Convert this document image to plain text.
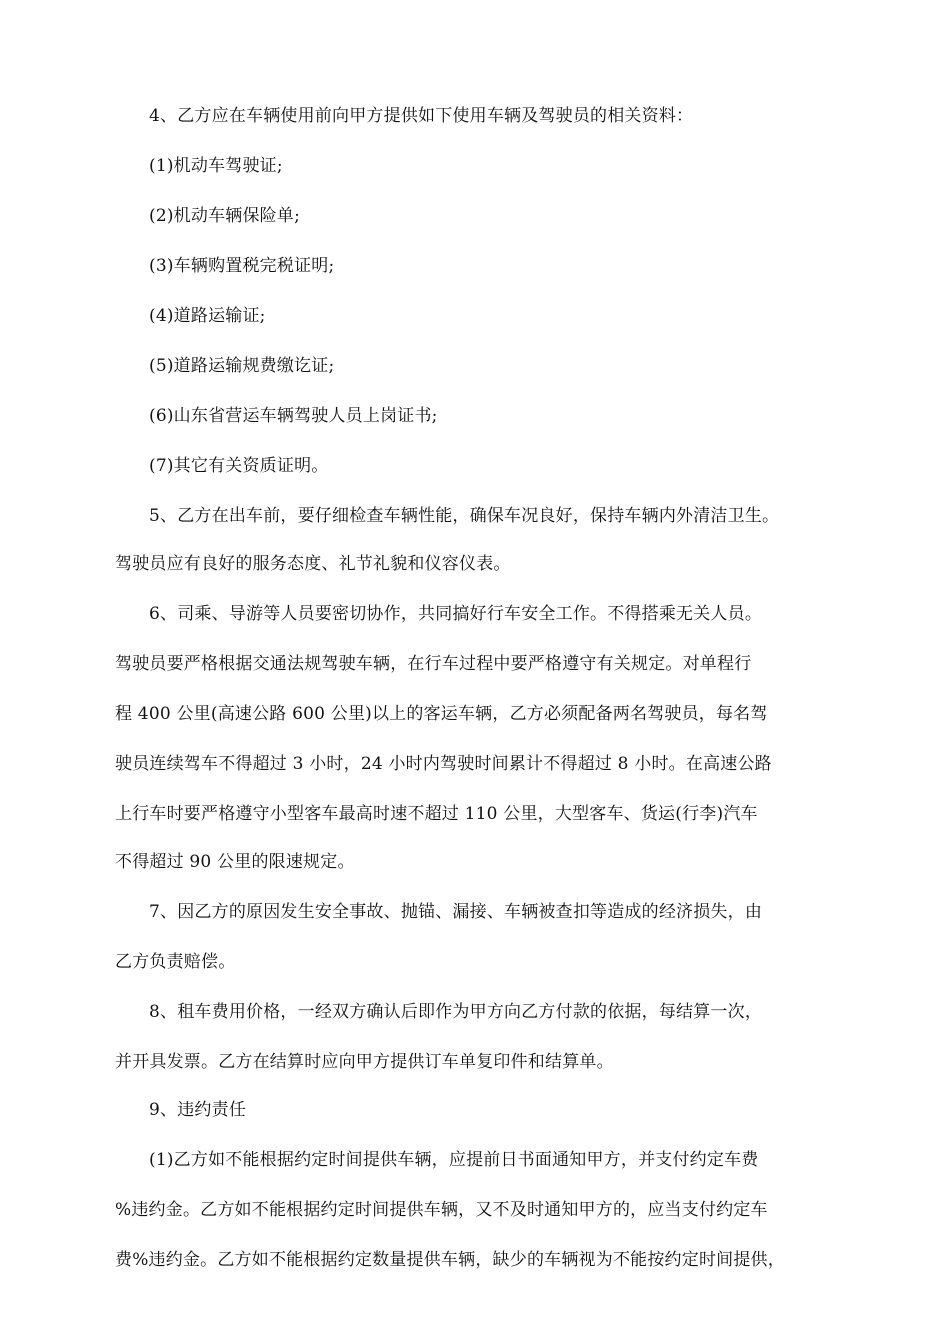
4、乙方应在车辆使用前向甲方提供如下使用车辆及驾驶员的相关资料：
(1)机动车驾驶证;
(2)机动车辆保险单;
(3)车辆购置税完税证明;
(4)道路运输证;
(5)道路运输规费缴讫证;
(6)山东省营运车辆驾驶人员上岗证书;
(7)其它有关资质证明。
5、乙方在出车前，要仔细检查车辆性能，确保车况良好，保持车辆内外清洁卫生。
驾驶员应有良好的服务态度、礼节礼貌和仪容仪表。
6、司乘、导游等人员要密切协作，共同搞好行车安全工作。不得搭乘无关人员。
驾驶员要严格根据交通法规驾驶车辆，在行车过程中要严格遵守有关规定。对单程行
程 400 公里(高速公路 600 公里)以上的客运车辆，乙方必须配备两名驾驶员，每名驾
驶员连续驾车不得超过 3 小时，24 小时内驾驶时间累计不得超过 8 小时。在高速公路
上行车时要严格遵守小型客车最高时速不超过 110 公里，大型客车、货运(行李)汽车
不得超过 90 公里的限速规定。
7、因乙方的原因发生安全事故、抛锚、漏接、车辆被查扣等造成的经济损失，由
乙方负责赔偿。
8、租车费用价格，一经双方确认后即作为甲方向乙方付款的依据，每结算一次，
并开具发票。乙方在结算时应向甲方提供订车单复印件和结算单。
9、违约责任
(1)乙方如不能根据约定时间提供车辆，应提前日书面通知甲方，并支付约定车费
%违约金。乙方如不能根据约定时间提供车辆，又不及时通知甲方的，应当支付约定车
费%违约金。乙方如不能根据约定数量提供车辆，缺少的车辆视为不能按约定时间提供，
